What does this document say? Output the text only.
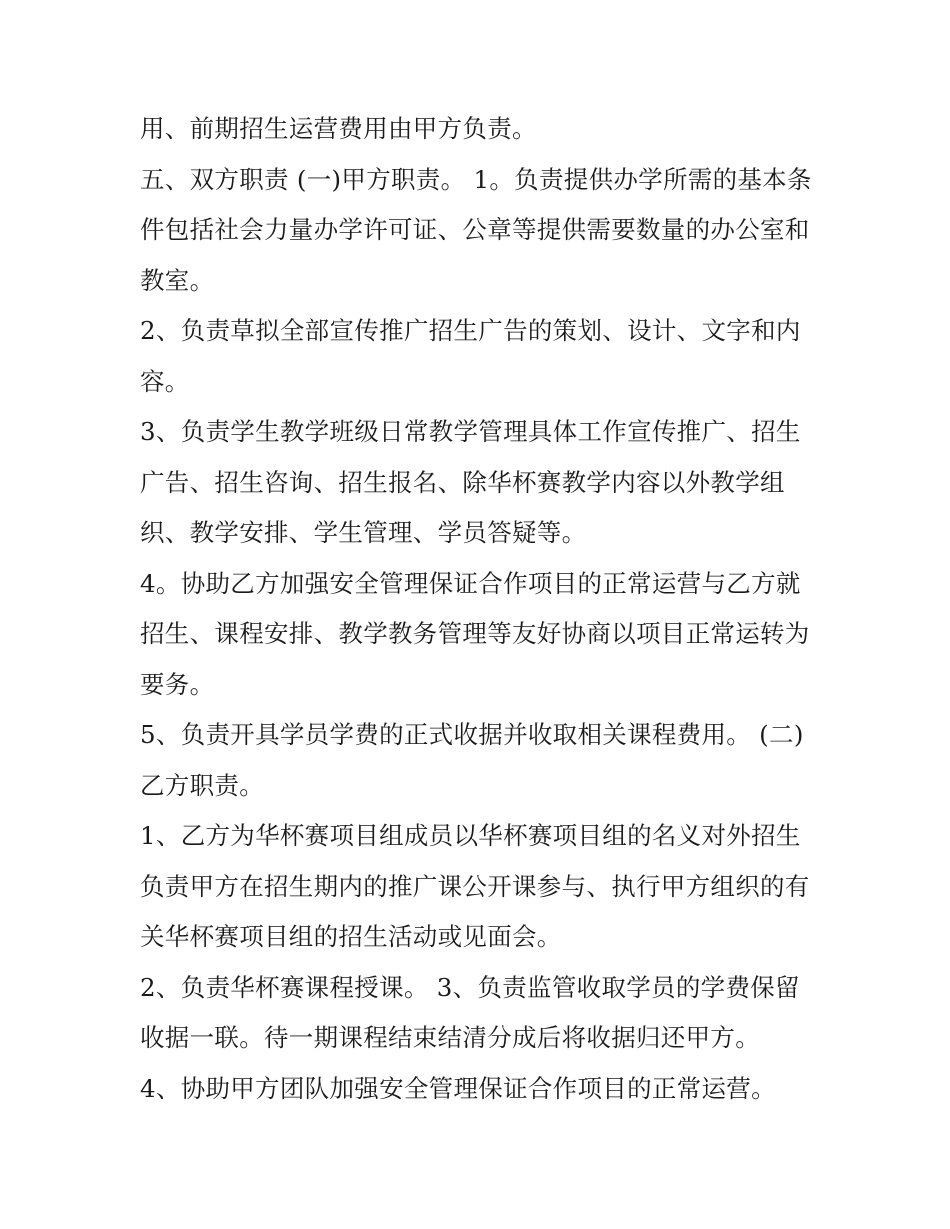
用、前期招生运营费用由甲方负责。

五、双方职责 (一)甲方职责。 1。负责提供办学所需的基本条
件包括社会力量办学许可证、公章等提供需要数量的办公室和
教室。

2、负责草拟全部宣传推广招生广告的策划、设计、文字和内
容。

3、负责学生教学班级日常教学管理具体工作宣传推广、招生
广告、招生咨询、招生报名、除华杯赛教学内容以外教学组
织、教学安排、学生管理、学员答疑等。

4。协助乙方加强安全管理保证合作项目的正常运营与乙方就
招生、课程安排、教学教务管理等友好协商以项目正常运转为
要务。

5、负责开具学员学费的正式收据并收取相关课程费用。 (二)
乙方职责。

1、乙方为华杯赛项目组成员以华杯赛项目组的名义对外招生
负责甲方在招生期内的推广课公开课参与、执行甲方组织的有
关华杯赛项目组的招生活动或见面会。

2、负责华杯赛课程授课。 3、负责监管收取学员的学费保留
收据一联。待一期课程结束结清分成后将收据归还甲方。

4、协助甲方团队加强安全管理保证合作项目的正常运营。
